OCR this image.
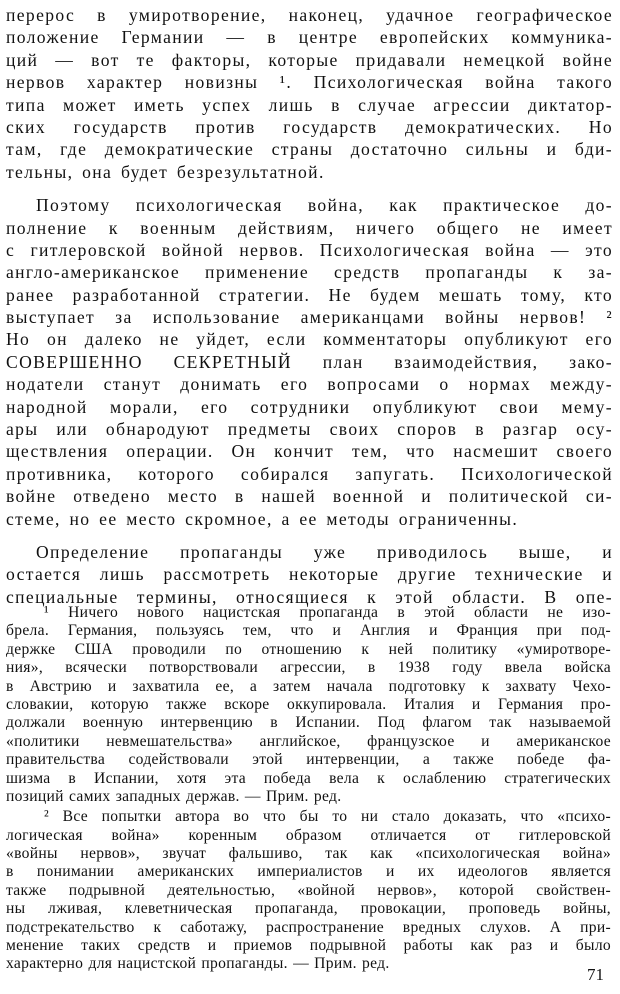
перерос в умиротворение, наконец, удачное географическое
положение Германии — в центре европейских коммуника-
ций — вот те факторы, которые придавали немецкой войне
нервов характер новизны ¹. Психологическая война такого
типа может иметь успех лишь в случае агрессии диктатор-
ских государств против государств демократических. Но
там, где демократические страны достаточно сильны и бди-
тельны, она будет безрезультатной.
Поэтому психологическая война, как практическое до-
полнение к военным действиям, ничего общего не имеет
с гитлеровской войной нервов. Психологическая война — это
англо-американское применение средств пропаганды к за-
ранее разработанной стратегии. Не будем мешать тому, кто
выступает за использование американцами войны нервов! ²
Но он далеко не уйдет, если комментаторы опубликуют его
СОВЕРШЕННО СЕКРЕТНЫЙ план взаимодействия, зако-
нодатели станут донимать его вопросами о нормах между-
народной морали, его сотрудники опубликуют свои мему-
ары или обнародуют предметы своих споров в разгар осу-
ществления операции. Он кончит тем, что насмешит своего
противника, которого собирался запугать. Психологической
войне отведено место в нашей военной и политической си-
стеме, но ее место скромное, а ее методы ограниченны.
Определение пропаганды уже приводилось выше, и
остается лишь рассмотреть некоторые другие технические и
специальные термины, относящиеся к этой области. В опе-
¹ Ничего нового нацистская пропаганда в этой области не изо-
брела. Германия, пользуясь тем, что и Англия и Франция при под-
держке США проводили по отношению к ней политику «умиротворе-
ния», всячески потворствовали агрессии, в 1938 году ввела войска
в Австрию и захватила ее, а затем начала подготовку к захвату Чехо-
словакии, которую также вскоре оккупировала. Италия и Германия про-
должали военную интервенцию в Испании. Под флагом так называемой
«политики невмешательства» английское, французское и американское
правительства содействовали этой интервенции, а также победе фа-
шизма в Испании, хотя эта победа вела к ослаблению стратегических
позиций самих западных держав. — Прим. ред.
² Все попытки автора во что бы то ни стало доказать, что «психо-
логическая война» коренным образом отличается от гитлеровской
«войны нервов», звучат фальшиво, так как «психологическая война»
в понимании американских империалистов и их идеологов является
также подрывной деятельностью, «войной нервов», которой свойствен-
ны лживая, клеветническая пропаганда, провокации, проповедь войны,
подстрекательство к саботажу, распространение вредных слухов. А при-
менение таких средств и приемов подрывной работы как раз и было
характерно для нацистской пропаганды. — Прим. ред.
71
